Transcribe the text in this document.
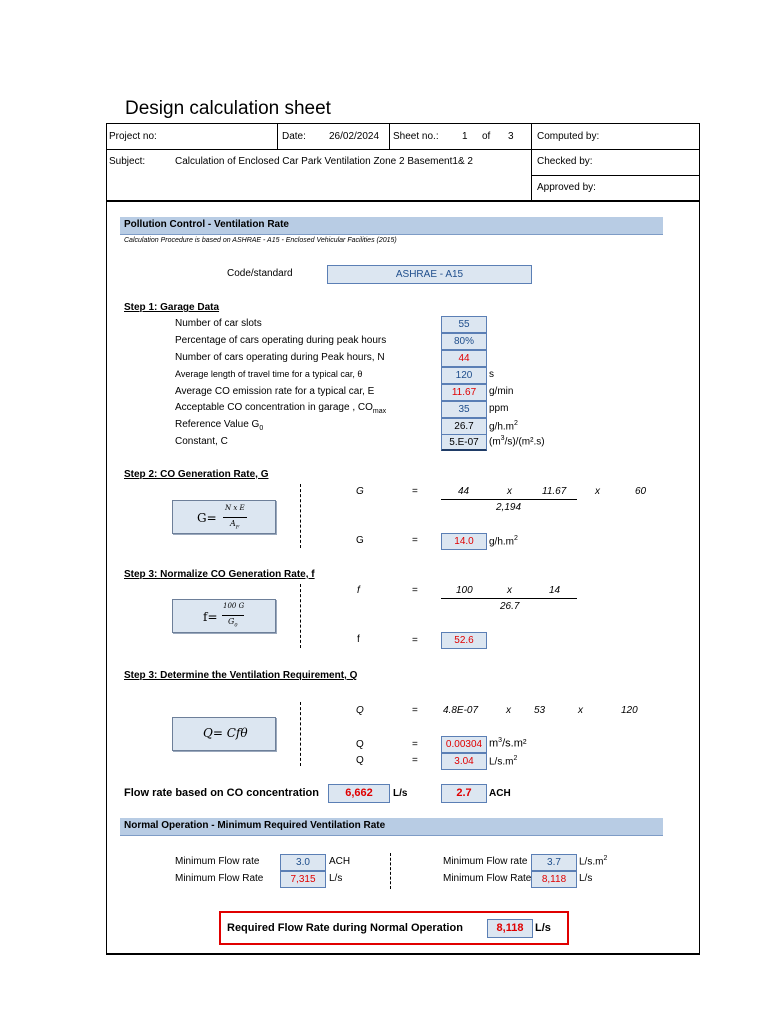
Design calculation sheet
Project no:	Date: 26/02/2024 Sheet no.: 1 of 3 Computed by:
Subject:	Calculation of Enclosed Car Park Ventilation Zone 2 Basement1& 2	Checked by:
Approved by:
Pollution Control - Ventilation Rate
Calculation Procedure is based on ASHRAE - A15 - Enclosed Vehicular Facilities (2015)
Code/standard	ASHRAE - A15
Step 1: Garage Data
Number of car slots	55
Percentage of cars operating during peak hours	80%
Number of cars operating during Peak hours, N	44
Average length of travel time for a typical car, θ	120	s
Average CO emission rate for a typical car, E	11.67	g/min
Acceptable CO concentration in garage , $CO_{max}$	35	ppm
Reference Value $G_0$	26.7	$g/h.m^2$
Constant, C	5.E-07	$(m^3/s)/(m^2.s)$
Step 2: CO Generation Rate, G
G=
N x E
$A_F$
G	=	44	x	11.67	x	60
2,194
G	=	14.0	$g/h.m^2$
Step 3: Normalize CO Generation Rate, f
f=
100 G
$G_0$
f	=	100	x	14
26.7
f	=	52.6
Step 3: Determine the Ventilation Requirement, Q
Q= Cfθ
Q	=	4.8E-07	x 53	x	120
Q	=	0.00304 $m^3/s.m^2$
Q	=	3.04	$L/s.m^2$
Flow rate based on CO concentration	6,662	L/s	2.7	ACH
Normal Operation - Minimum Required Ventilation Rate
Minimum Flow rate	3.0	ACH
Minimum Flow Rate	7,315	L/s
Minimum Flow rate	3.7	$L/s.m^2$
Minimum Flow Rate	8,118	L/s
Required Flow Rate during Normal Operation	8,118	L/s
